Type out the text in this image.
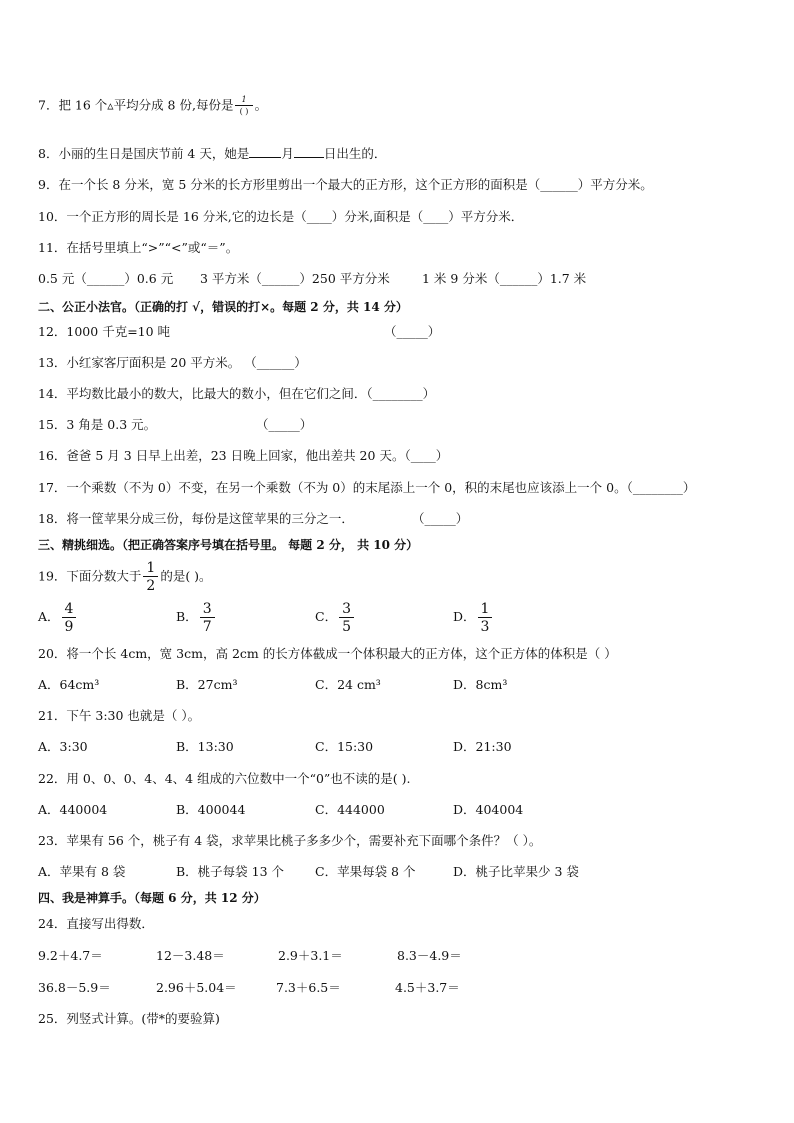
7．把 16 个▵平均分成 8 份,每份是 $\frac{1}{( )}$ 。
8．小丽的生日是国庆节前 4 天，她是	月 日出生的．
9．在一个长 8 分米，宽 5 分米的长方形里剪出一个最大的正方形，这个正方形的面积是（______）平方分米。
10．一个正方形的周长是 16 分米,它的边长是（____）分米,面积是（____）平方分米．
11．在括号里填上“>”“<”或“＝”。
0.5 元（______）0.6 元 3 平方米（______）250 平方分米	1 米 9 分米（______）1.7 米
二、公正小法官。（正确的打 √，错误的打×。每题 2 分，共 14 分）
12．1000 千克=10 吨	（_____）
13．小红家客厅面积是 20 平方米。 （______）
14．平均数比最小的数大，比最大的数小，但在它们之间．（________）
15．3 角是 0.3 元。	（_____）
16．爸爸 5 月 3 日早上出差，23 日晚上回家，他出差共 20 天。（____）
17．一个乘数（不为 0）不变，在另一个乘数（不为 0）的末尾添上一个 0，积的末尾也应该添上一个 0。（________）
18．将一筐苹果分成三份，每份是这筐苹果的三分之一．	（_____）
三、精挑细选。（把正确答案序号填在括号里。 每题 2 分， 共 10 分）
19．下面分数大于 $\frac{1}{2}$ 的是( )。
A． $\frac{4}{9}$	B． $\frac{3}{7}$	C． $\frac{3}{5}$	D． $\frac{1}{3}$
20．将一个长 4cm，宽 3cm，高 2cm 的长方体截成一个体积最大的正方体，这个正方体的体积是（ ）
A．64cm³	B．27cm³	C．24 cm³	D．8cm³
21．下午 3:30 也就是（ ）。
A．3:30	B．13:30	C．15:30	D．21:30
22．用 0、0、0、4、4、4 组成的六位数中一个“0”也不读的是( ).
A．440004	B．400044	C．444000	D．404004
23．苹果有 56 个，桃子有 4 袋，求苹果比桃子多多少个，需要补充下面哪个条件？（ ）。
A．苹果有 8 袋	B．桃子每袋 13 个 C．苹果每袋 8 个	D．桃子比苹果少 3 袋
四、我是神算手。（每题 6 分，共 12 分）
24．直接写出得数．
9.2＋4.7＝	12－3.48＝	2.9＋3.1＝	8.3－4.9＝
36.8－5.9＝	2.96＋5.04＝	7.3＋6.5＝	4.5＋3.7＝
25．列竖式计算。(带*的要验算)
